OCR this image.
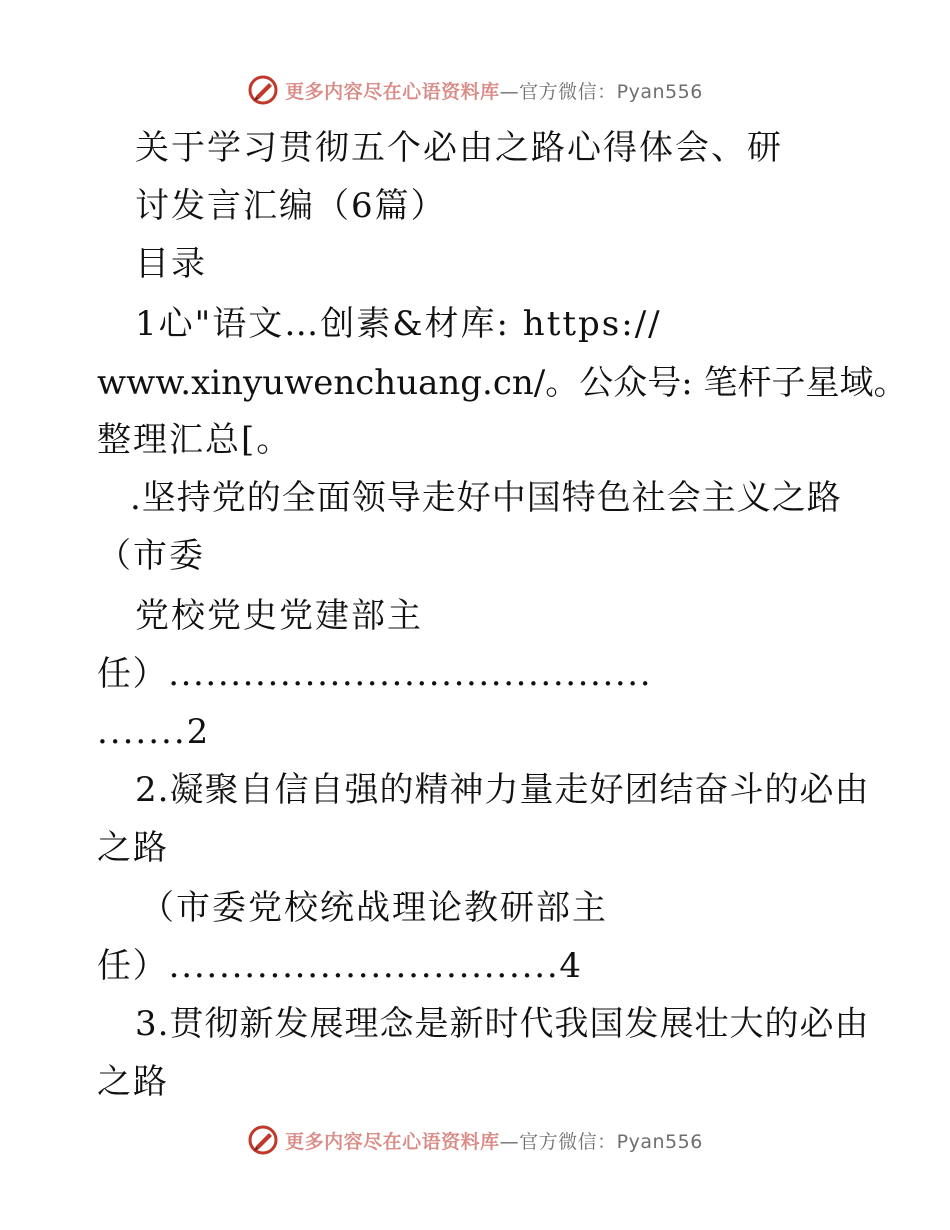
更多内容尽在心语资料库—官方微信：Pyan556
关于学习贯彻五个必由之路心得体会、研
讨发言汇编（6篇）
目录
1心"语文…创素&材库: https://
www.xinyuwenchuang.cn/。公众号: 笔杆子星域。
整理汇总[。
.坚持党的全面领导走好中国特色社会主义之路
（市委
党校党史党建部主
任）.......................................
.......2
2.凝聚自信自强的精神力量走好团结奋斗的必由
之路
（市委党校统战理论教研部主
任）...............................4
3.贯彻新发展理念是新时代我国发展壮大的必由
之路
更多内容尽在心语资料库—官方微信：Pyan556
